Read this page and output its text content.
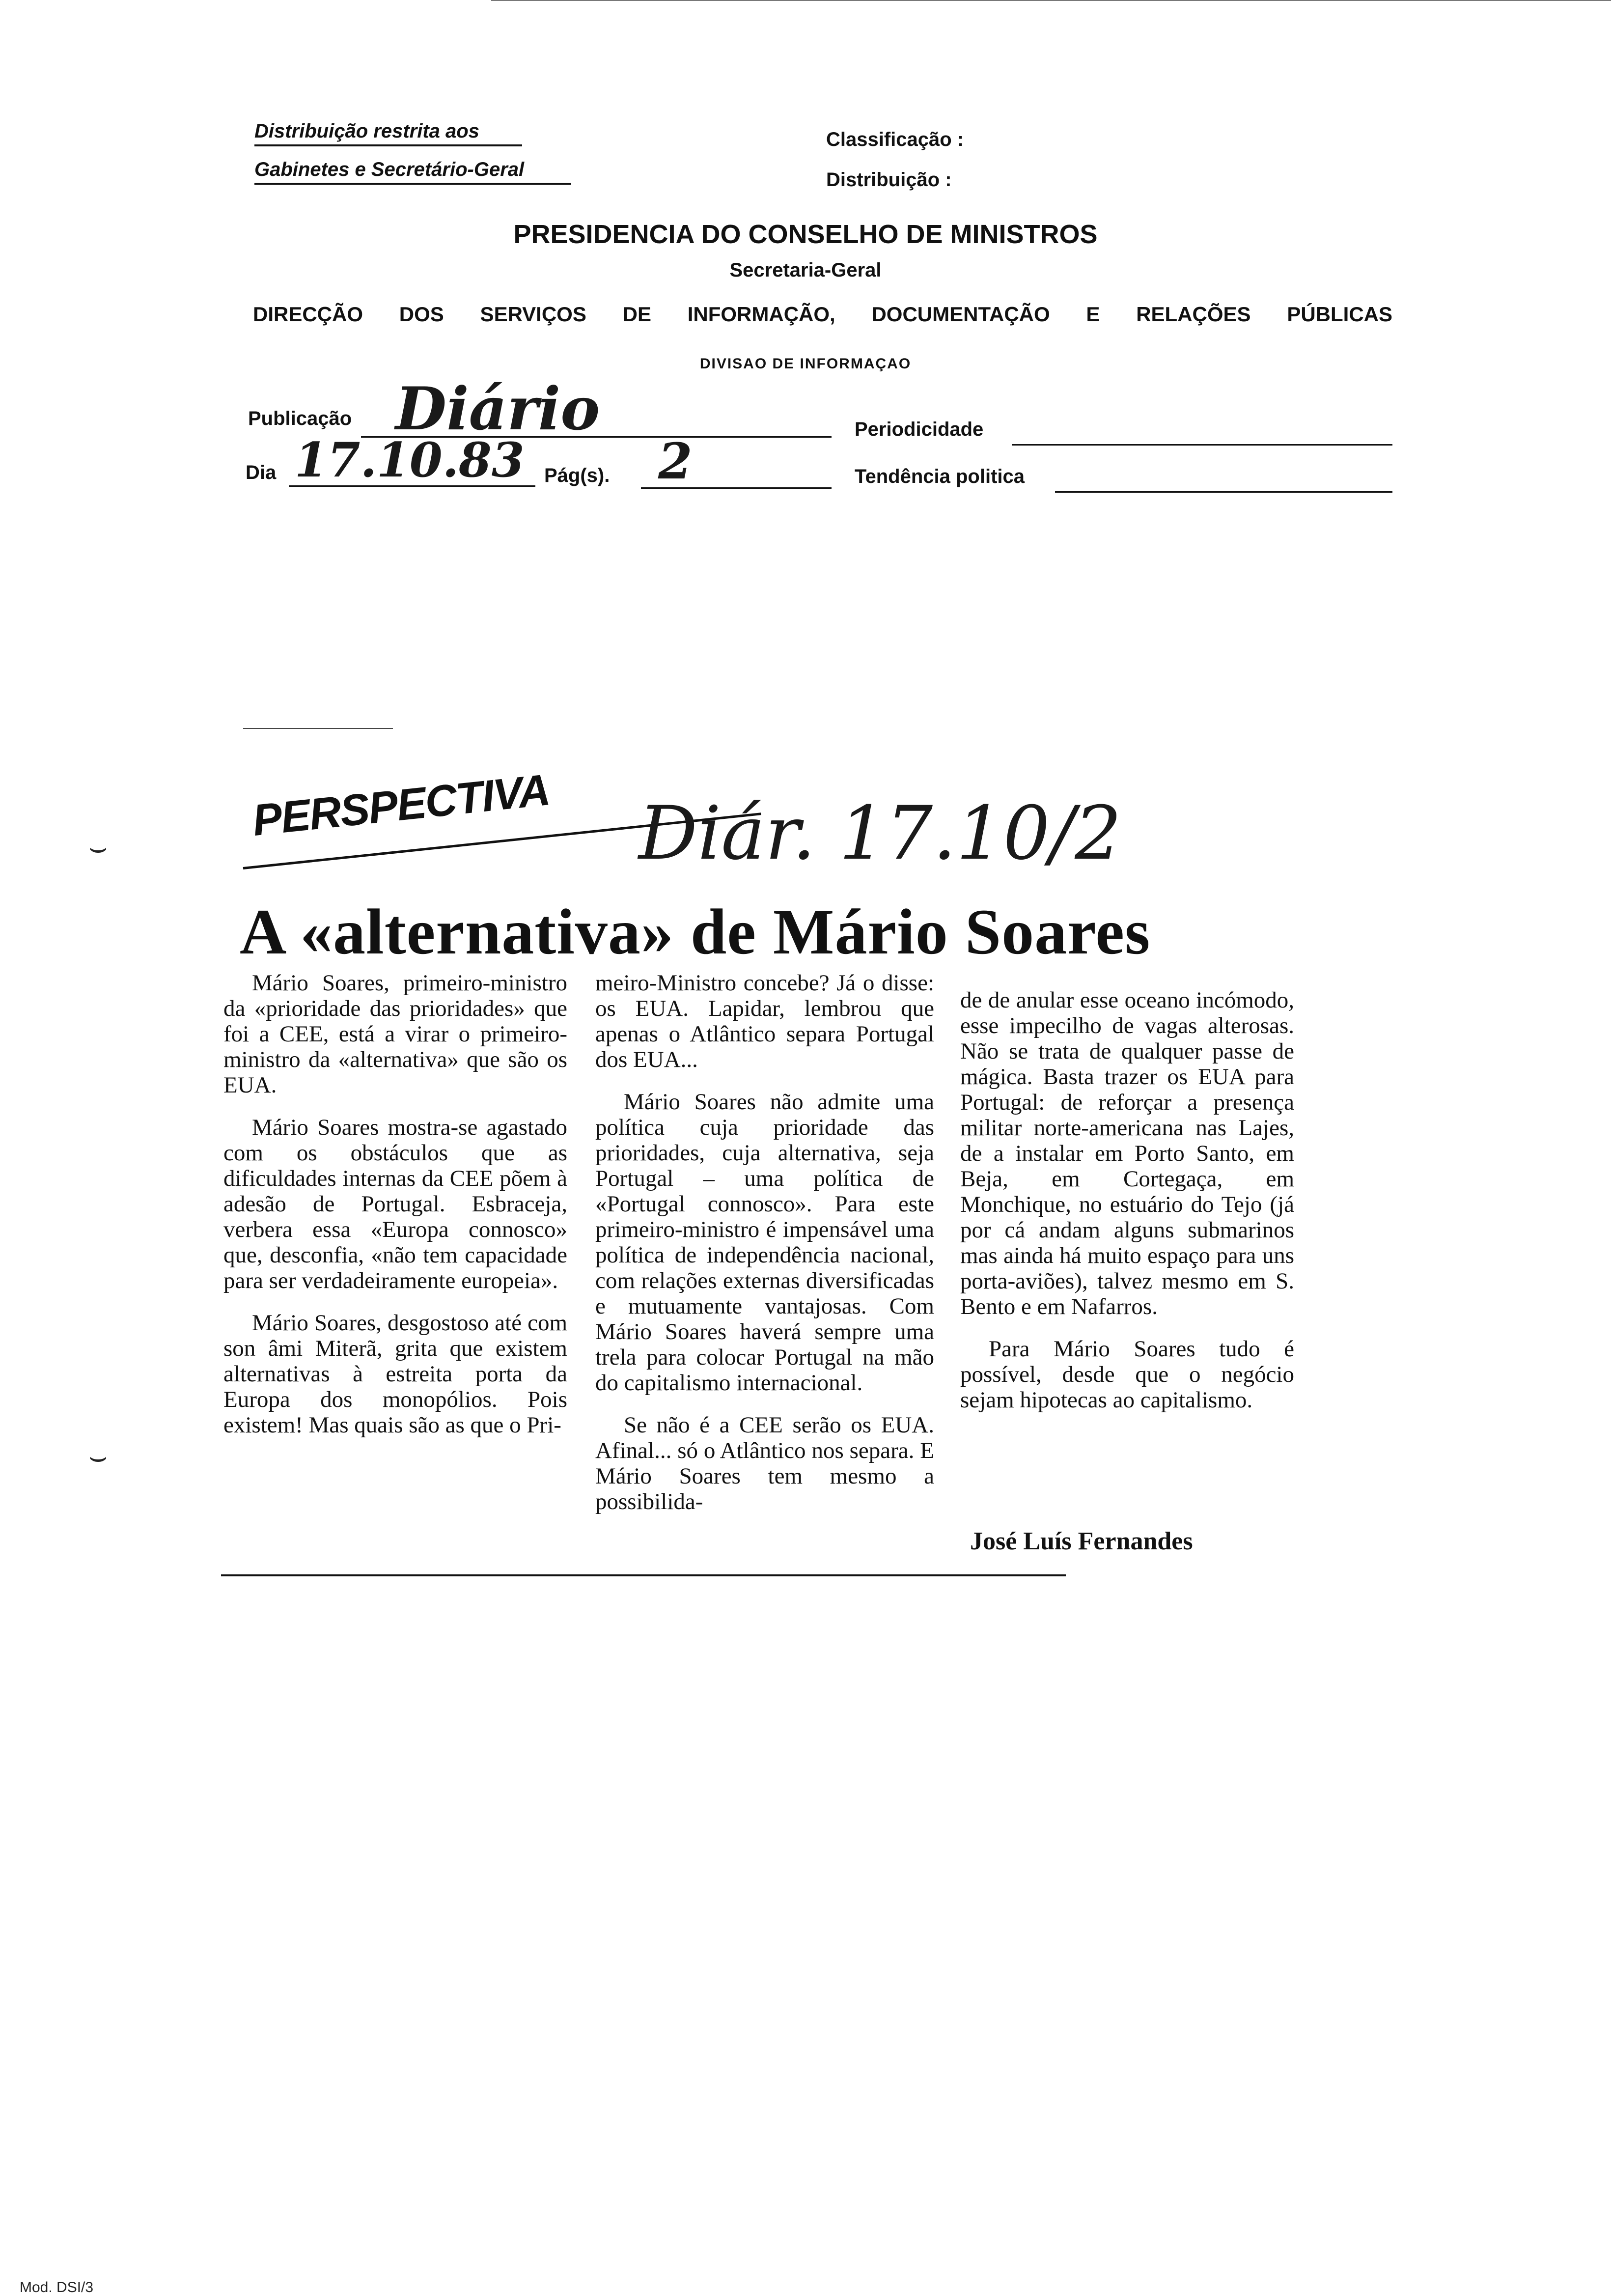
Distribuição restrita aos
Gabinetes e Secretário-Geral
Classificação :
Distribuição :
PRESIDENCIA DO CONSELHO DE MINISTROS
Secretaria-Geral
DIRECÇÃO DOS SERVIÇOS DE INFORMAÇÃO, DOCUMENTAÇÃO E RELAÇÕES PÚBLICAS
DIVISAO DE INFORMAÇAO
Publicação Diário	Periodicidade
Dia 17.10.83 Pág(s). 2	Tendência politica
PERSPECTIVA Diár. 17.10/2
A «alternativa» de Mário Soares

Mário Soares, primeiro-ministro da «prioridade das prioridades» que foi a CEE, está a virar o primeiro-ministro da «alternativa» que são os EUA.

Mário Soares mostra-se agastado com os obstáculos que as dificuldades internas da CEE põem à adesão de Portugal. Esbraceja, verbera essa «Europa connosco» que, desconfia, «não tem capacidade para ser verdadeiramente europeia».

Mário Soares, desgostoso até com son âmi Miterã, grita que existem alternativas à estreita porta da Europa dos monopólios. Pois existem! Mas quais são as que o Pri-

meiro-Ministro concebe? Já o disse: os EUA. Lapidar, lembrou que apenas o Atlântico separa Portugal dos EUA...

Mário Soares não admite uma política cuja prioridade das prioridades, cuja alternativa, seja Portugal – uma política de «Portugal connosco». Para este primeiro-ministro é impensável uma política de independência nacional, com relações externas diversificadas e mutuamente vantajosas. Com Mário Soares haverá sempre uma trela para colocar Portugal na mão do capitalismo internacional.

Se não é a CEE serão os EUA. Afinal... só o Atlântico nos separa. E Mário Soares tem mesmo a possibilida-

de de anular esse oceano incómodo, esse impecilho de vagas alterosas. Não se trata de qualquer passe de mágica. Basta trazer os EUA para Portugal: de reforçar a presença militar norte-americana nas Lajes, de a instalar em Porto Santo, em Beja, em Cortegaça, em Monchique, no estuário do Tejo (já por cá andam alguns submarinos mas ainda há muito espaço para uns porta-aviões), talvez mesmo em S. Bento e em Nafarros.

Para Mário Soares tudo é possível, desde que o negócio sejam hipotecas ao capitalismo.

José Luís Fernandes
⌣
⌣
Mod. DSI/3
